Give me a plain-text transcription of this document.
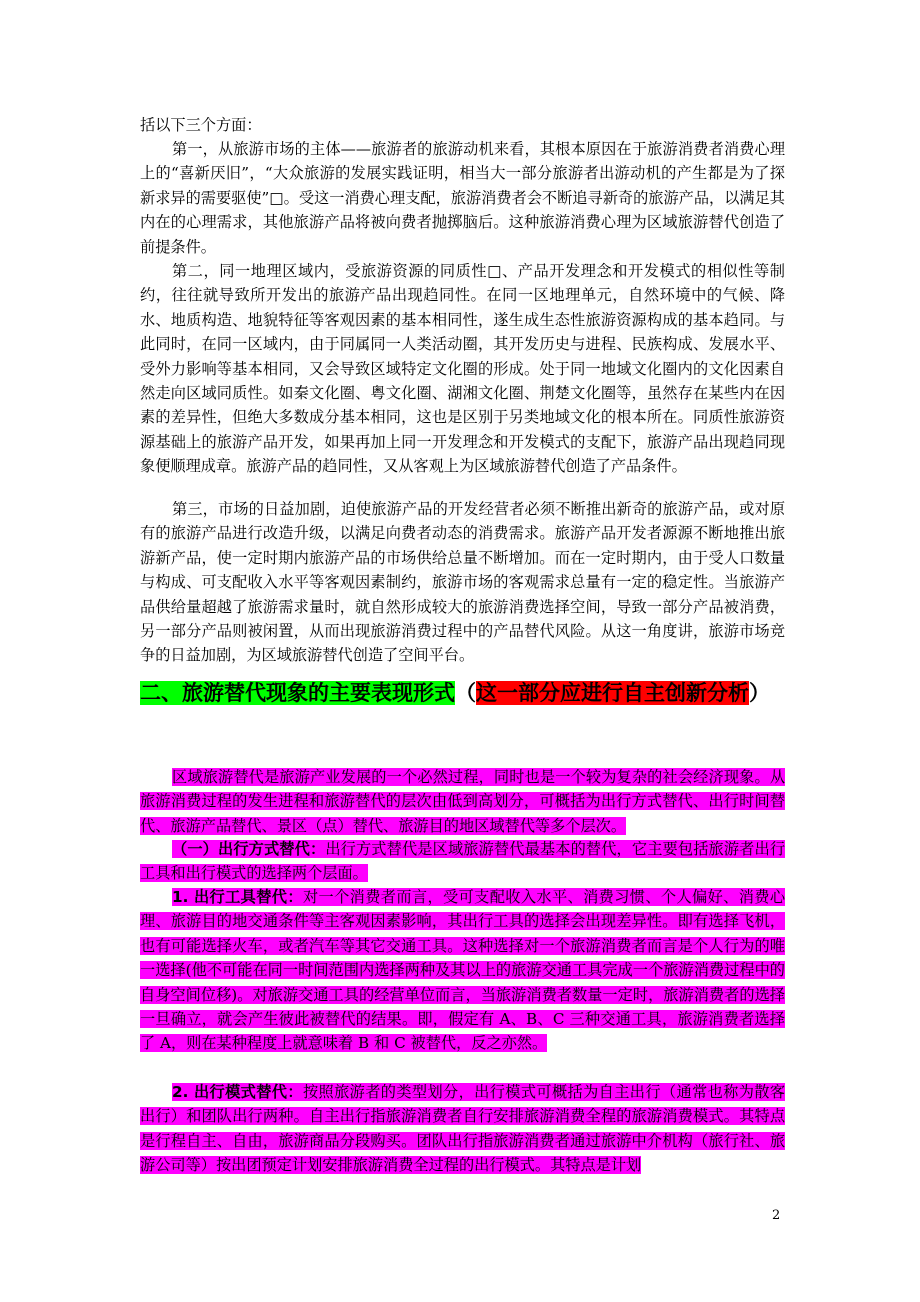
括以下三个方面：

第一，从旅游市场的主体——旅游者的旅游动机来看，其根本原因在于旅游消费者消费心理上的“喜新厌旧”，“大众旅游的发展实践证明，相当大一部分旅游者出游动机的产生都是为了探新求异的需要驱使”□。受这一消费心理支配，旅游消费者会不断追寻新奇的旅游产品，以满足其内在的心理需求，其他旅游产品将被向费者抛掷脑后。这种旅游消费心理为区域旅游替代创造了前提条件。

第二，同一地理区域内，受旅游资源的同质性□、产品开发理念和开发模式的相似性等制约，往往就导致所开发出的旅游产品出现趋同性。在同一区地理单元，自然环境中的气候、降水、地质构造、地貌特征等客观因素的基本相同性，遂生成生态性旅游资源构成的基本趋同。与此同时，在同一区域内，由于同属同一人类活动圈，其开发历史与进程、民族构成、发展水平、受外力影响等基本相同，又会导致区域特定文化圈的形成。处于同一地域文化圈内的文化因素自然走向区域同质性。如秦文化圈、粤文化圈、湖湘文化圈、荆楚文化圈等，虽然存在某些内在因素的差异性，但绝大多数成分基本相同，这也是区别于另类地域文化的根本所在。同质性旅游资源基础上的旅游产品开发，如果再加上同一开发理念和开发模式的支配下，旅游产品出现趋同现象便顺理成章。旅游产品的趋同性，又从客观上为区域旅游替代创造了产品条件。

第三，市场的日益加剧，迫使旅游产品的开发经营者必须不断推出新奇的旅游产品，或对原有的旅游产品进行改造升级，以满足向费者动态的消费需求。旅游产品开发者源源不断地推出旅游新产品，使一定时期内旅游产品的市场供给总量不断增加。而在一定时期内，由于受人口数量与构成、可支配收入水平等客观因素制约，旅游市场的客观需求总量有一定的稳定性。当旅游产品供给量超越了旅游需求量时，就自然形成较大的旅游消费选择空间，导致一部分产品被消费，另一部分产品则被闲置，从而出现旅游消费过程中的产品替代风险。从这一角度讲，旅游市场竞争的日益加剧，为区域旅游替代创造了空间平台。

二、旅游替代现象的主要表现形式（这一部分应进行自主创新分析）

区域旅游替代是旅游产业发展的一个必然过程，同时也是一个较为复杂的社会经济现象。从旅游消费过程的发生进程和旅游替代的层次由低到高划分，可概括为出行方式替代、出行时间替代、旅游产品替代、景区（点）替代、旅游目的地区域替代等多个层次。

（一）出行方式替代：出行方式替代是区域旅游替代最基本的替代，它主要包括旅游者出行工具和出行模式的选择两个层面。

1. 出行工具替代：对一个消费者而言，受可支配收入水平、消费习惯、个人偏好、消费心理、旅游目的地交通条件等主客观因素影响，其出行工具的选择会出现差异性。即有选择飞机，也有可能选择火车，或者汽车等其它交通工具。这种选择对一个旅游消费者而言是个人行为的唯一选择(他不可能在同一时间范围内选择两种及其以上的旅游交通工具完成一个旅游消费过程中的自身空间位移)。对旅游交通工具的经营单位而言，当旅游消费者数量一定时，旅游消费者的选择一旦确立，就会产生彼此被替代的结果。即，假定有 A、B、C 三种交通工具，旅游消费者选择了 A，则在某种程度上就意味着 B 和 C 被替代，反之亦然。

2. 出行模式替代：按照旅游者的类型划分，出行模式可概括为自主出行（通常也称为散客出行）和团队出行两种。自主出行指旅游消费者自行安排旅游消费全程的旅游消费模式。其特点是行程自主、自由，旅游商品分段购买。团队出行指旅游消费者通过旅游中介机构（旅行社、旅游公司等）按出团预定计划安排旅游消费全过程的出行模式。其特点是计划

2
